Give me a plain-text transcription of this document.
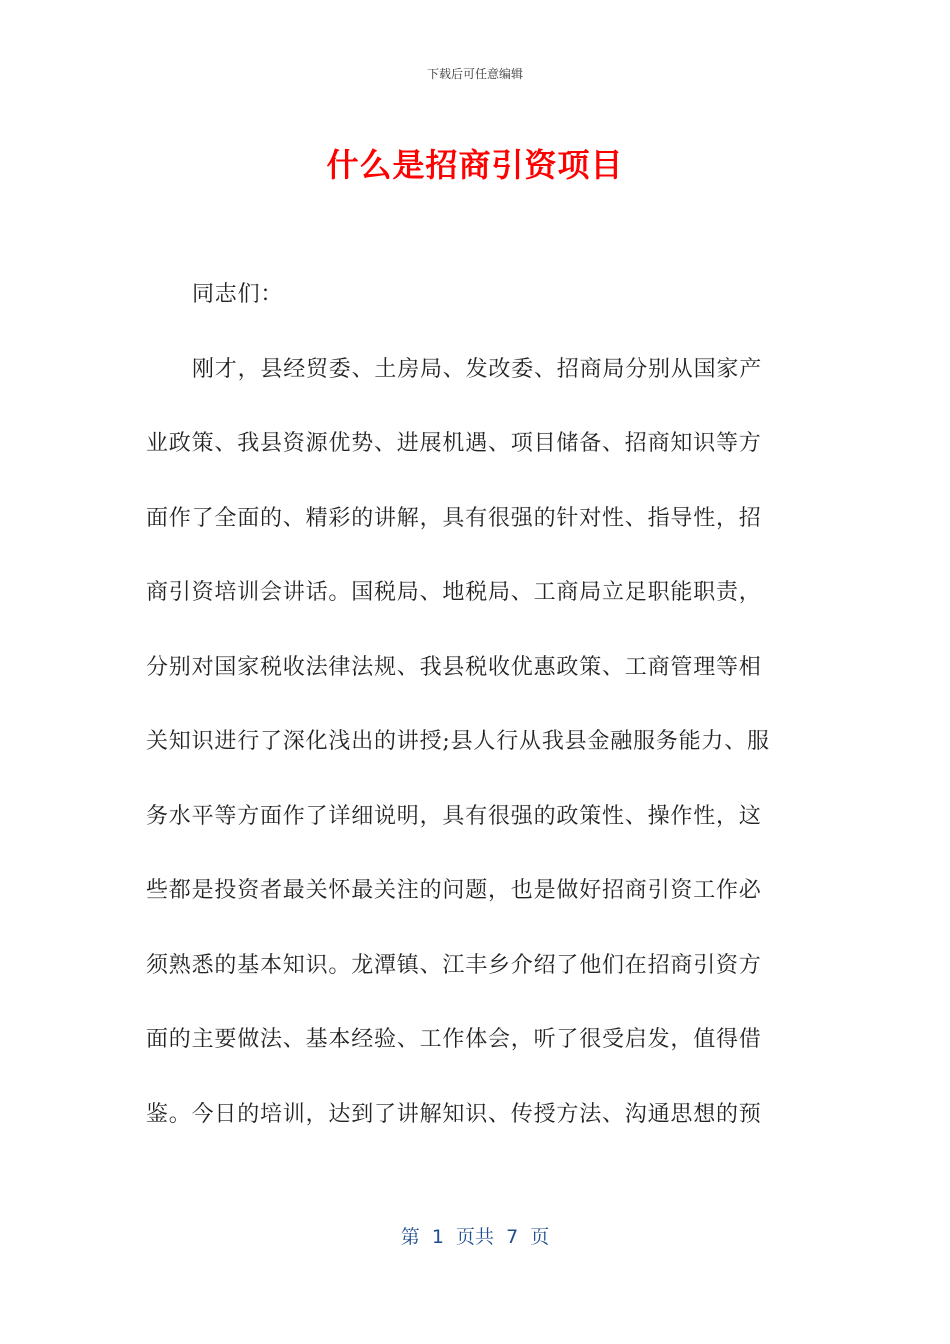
下载后可任意编辑
什么是招商引资项目
同志们：
刚才，县经贸委、土房局、发改委、招商局分别从国家产
业政策、我县资源优势、进展机遇、项目储备、招商知识等方
面作了全面的、精彩的讲解，具有很强的针对性、指导性，招
商引资培训会讲话。国税局、地税局、工商局立足职能职责，
分别对国家税收法律法规、我县税收优惠政策、工商管理等相
关知识进行了深化浅出的讲授;县人行从我县金融服务能力、服
务水平等方面作了详细说明，具有很强的政策性、操作性，这
些都是投资者最关怀最关注的问题，也是做好招商引资工作必
须熟悉的基本知识。龙潭镇、江丰乡介绍了他们在招商引资方
面的主要做法、基本经验、工作体会，听了很受启发，值得借
鉴。今日的培训，达到了讲解知识、传授方法、沟通思想的预
第  1  页共  7  页
